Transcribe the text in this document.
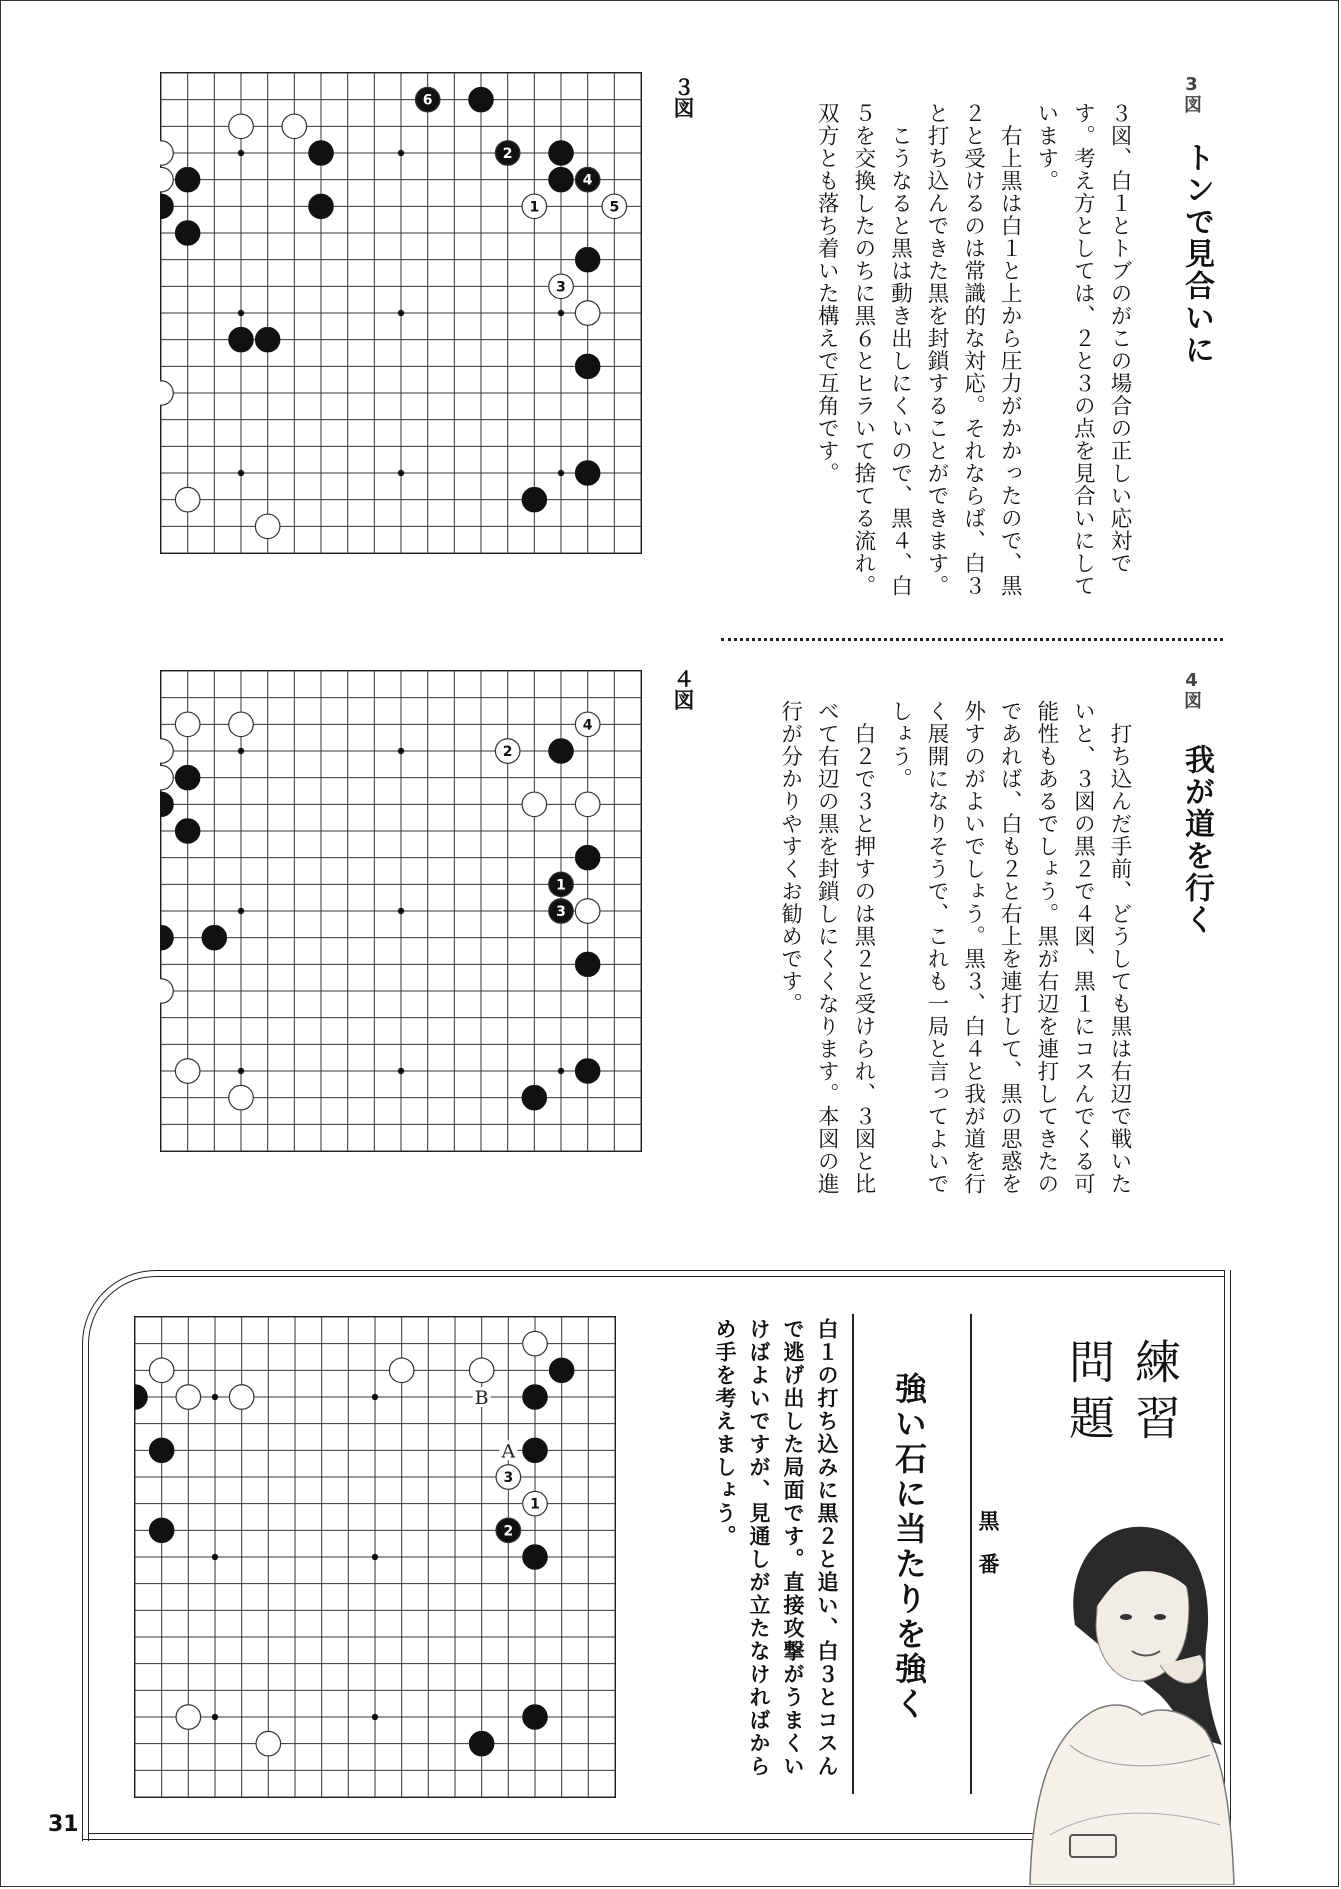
3図
トンで見合いに
３図、白１とトブのがこの場合の正しい応対です。考え方としては、２と３の点を見合いにしています。
　右上黒は白１と上から圧力がかかったので、黒２と受けるのは常識的な対応。それならば、白３と打ち込んできた黒を封鎖することができます。
　こうなると黒は動き出しにくいので、黒４、白５を交換したのちに黒６とヒラいて捨てる流れ。双方とも落ち着いた構えで互角です。
３図
4図
我が道を行く
　打ち込んだ手前、どうしても黒は右辺で戦いたいと、３図の黒２で４図、黒１にコスんでくる可能性もあるでしょう。黒が右辺を連打してきたのであれば、白も２と右上を連打して、黒の思惑を外すのがよいでしょう。黒３、白４と我が道を行く展開になりそうで、これも一局と言ってよいでしょう。
　白２で３と押すのは黒２と受けられ、３図と比べて右辺の黒を封鎖しにくくなります。本図の進行が分かりやすくお勧めです。
４図
6
2
4
1	5
3
4
2
1
3
3
1
2
B
A
練習
問題
強い石に当たりを強く 黒番
白１の打ち込みに黒２と追い、白３とコスんで逃げ出した局面です。直接攻撃がうまくいけばよいですが、見通しが立たなければからめ手を考えましょう。
31
